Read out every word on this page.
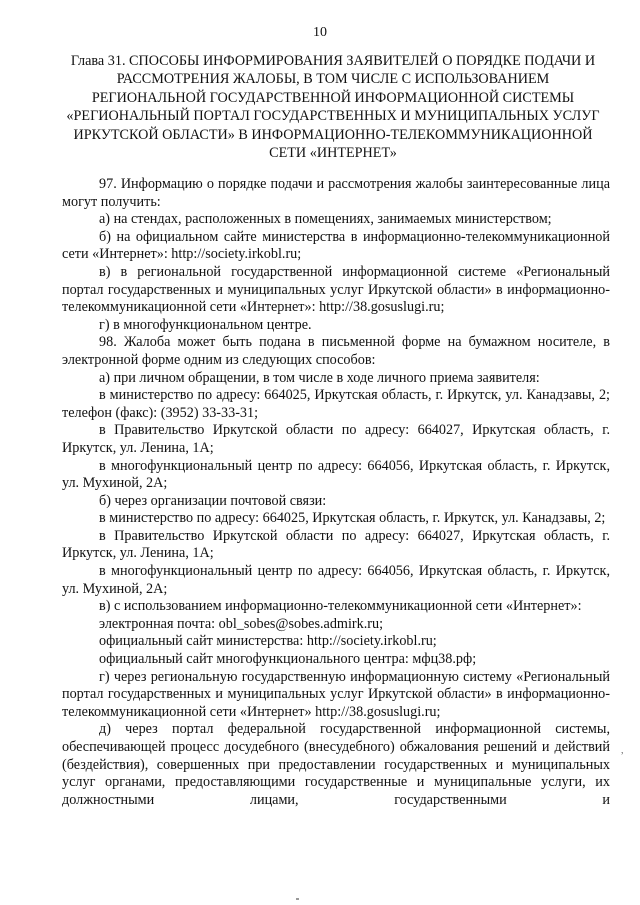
10
Глава 31. СПОСОБЫ ИНФОРМИРОВАНИЯ ЗАЯВИТЕЛЕЙ О ПОРЯДКЕ ПОДАЧИ И РАССМОТРЕНИЯ ЖАЛОБЫ, В ТОМ ЧИСЛЕ С ИСПОЛЬЗОВАНИЕМ РЕГИОНАЛЬНОЙ ГОСУДАРСТВЕННОЙ ИНФОРМАЦИОННОЙ СИСТЕМЫ «РЕГИОНАЛЬНЫЙ ПОРТАЛ ГОСУДАРСТВЕННЫХ И МУНИЦИПАЛЬНЫХ УСЛУГ ИРКУТСКОЙ ОБЛАСТИ» В ИНФОРМАЦИОННО-ТЕЛЕКОММУНИКАЦИОННОЙ СЕТИ «ИНТЕРНЕТ»

97. Информацию о порядке подачи и рассмотрения жалобы заинтересованные лица могут получить:

а) на стендах, расположенных в помещениях, занимаемых министерством;

б) на официальном сайте министерства в информационно-телекоммуникационной сети «Интернет»: http://society.irkobl.ru;

в) в региональной государственной информационной системе «Региональный портал государственных и муниципальных услуг Иркутской области» в информационно-телекоммуникационной сети «Интернет»: http://38.gosuslugi.ru;

г) в многофункциональном центре.

98. Жалоба может быть подана в письменной форме на бумажном носителе, в электронной форме одним из следующих способов:

а) при личном обращении, в том числе в ходе личного приема заявителя:

в министерство по адресу: 664025, Иркутская область, г. Иркутск, ул. Канадзавы, 2; телефон (факс): (3952) 33-33-31;

в Правительство Иркутской области по адресу: 664027, Иркутская область, г. Иркутск, ул. Ленина, 1А;

в многофункциональный центр по адресу: 664056, Иркутская область, г. Иркутск, ул. Мухиной, 2А;

б) через организации почтовой связи:

в министерство по адресу: 664025, Иркутская область, г. Иркутск, ул. Канадзавы, 2;

в Правительство Иркутской области по адресу: 664027, Иркутская область, г. Иркутск, ул. Ленина, 1А;

в многофункциональный центр по адресу: 664056, Иркутская область, г. Иркутск, ул. Мухиной, 2А;

в) с использованием информационно-телекоммуникационной сети «Интернет»:

электронная почта: obl_sobes@sobes.admirk.ru;

официальный сайт министерства: http://society.irkobl.ru;

официальный сайт многофункционального центра: мфц38.рф;

г) через региональную государственную информационную систему «Региональный портал государственных и муниципальных услуг Иркутской области» в информационно-телекоммуникационной сети «Интернет» http://38.gosuslugi.ru;

д) через портал федеральной государственной информационной системы, обеспечивающей процесс досудебного (внесудебного) обжалования решений и действий (бездействия), совершенных при предоставлении государственных и муниципальных услуг органами, предоставляющими государственные и муниципальные услуги, их должностными лицами, государственными и

,
